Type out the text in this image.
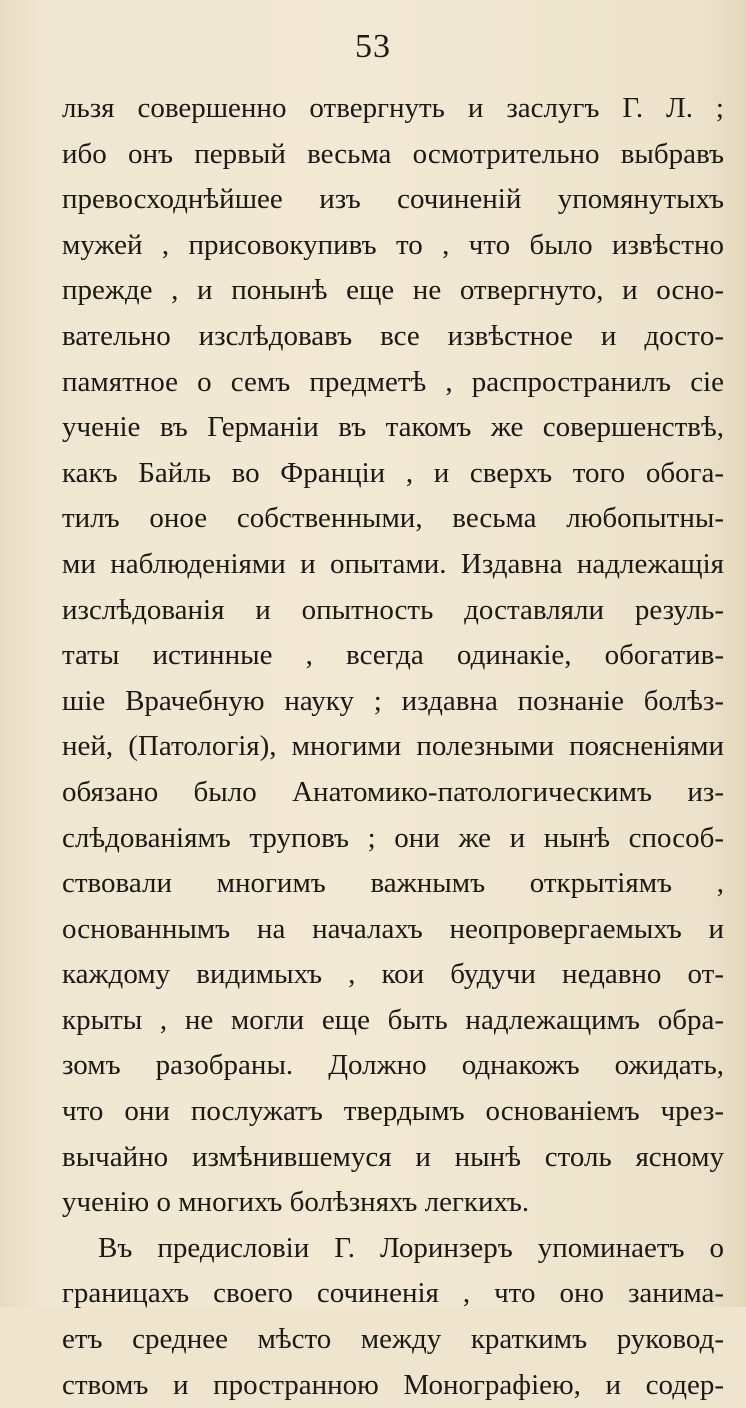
53
льзя совершенно отвергнуть и заслугъ Г. Л. ;
ибо онъ первый весьма осмотрительно выбравъ
превосходнѣйшее изъ сочиненій упомянутыхъ
мужей , присовокупивъ то , что было извѣстно
прежде , и понынѣ еще не отвергнуто, и осно-
вательно изслѣдовавъ все извѣстное и достo-
памятное о семъ предметѣ , распространилъ сіе
ученіе въ Германіи въ такомъ же совершенствѣ,
какъ Байль во Франціи , и сверхъ того обога-
тилъ оное собственными, весьма любопытны-
ми наблюденіями и опытами. Издавна надлежащія
изслѣдованія и опытность доставляли резуль-
таты истинные , всегда одинакіе, обогатив-
шіе Врачебную науку ; издавна познаніе болѣз-
ней, (Патологія), многими полезными поясненіями
обязано было Анатомико-патологическимъ из-
слѣдованіямъ труповъ ; они же и нынѣ способ-
ствовали многимъ важнымъ открытіямъ ,
основаннымъ на началахъ неопровергаемыхъ и
каждому видимыхъ , кои будучи недавно от-
крыты , не могли еще быть надлежащимъ обра-
зомъ разобраны. Должно однакожъ ожидать,
что они послужатъ твердымъ основаніемъ чрез-
вычайно измѣнившемуся и нынѣ столь ясному
ученію о многихъ болѣзняхъ легкихъ.
Въ предисловіи Г. Лоринзеръ упоминаетъ о
границахъ своего сочиненія , что оно занима-
етъ среднее мѣсто между краткимъ руковод-
ствомъ и пространною Монографіею, и содер-
